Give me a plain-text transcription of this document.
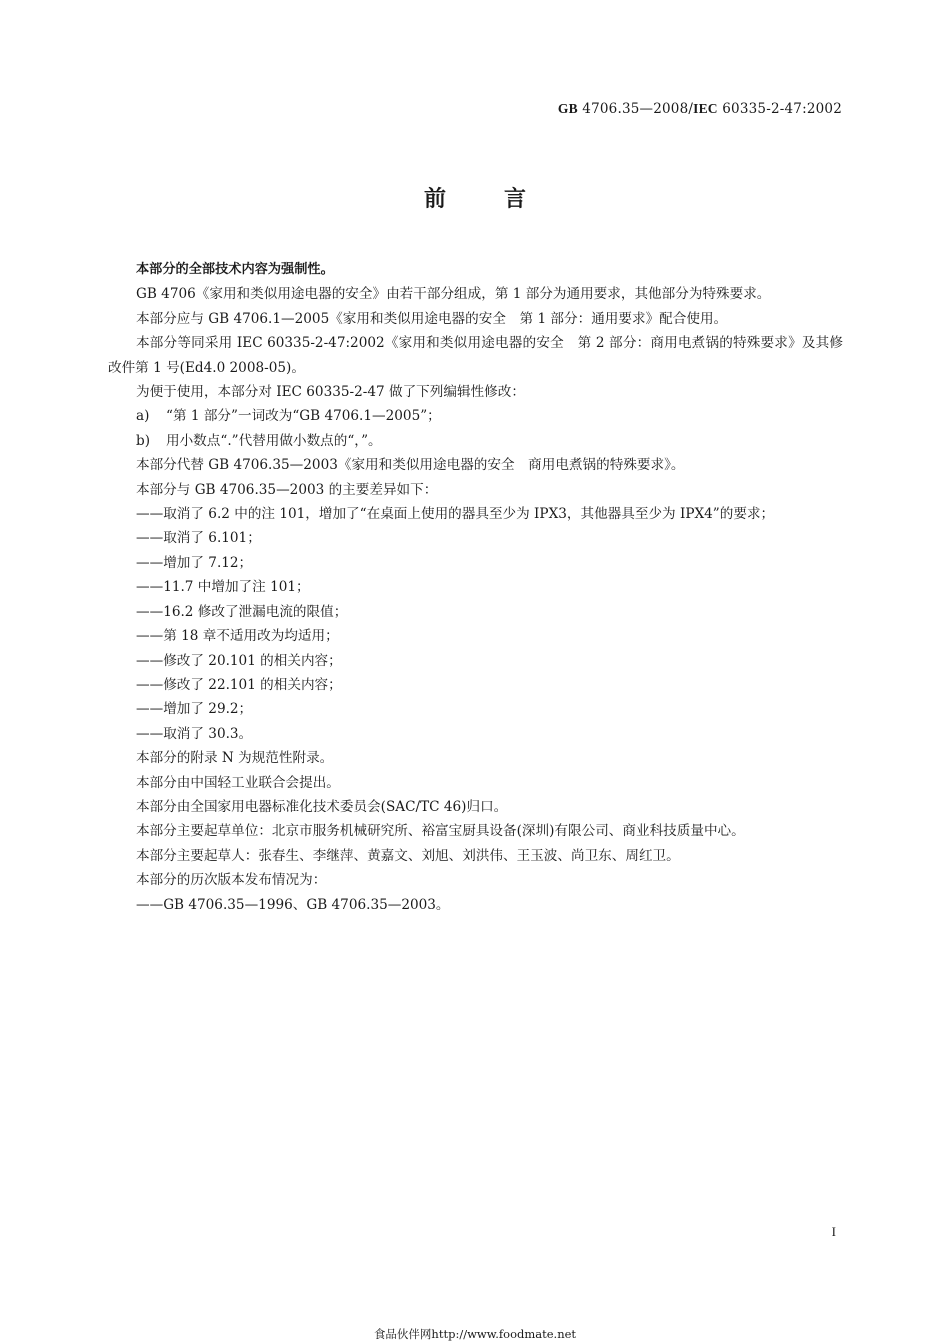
GB 4706.35—2008/IEC 60335-2-47:2002
前言

本部分的全部技术内容为强制性。

GB 4706《家用和类似用途电器的安全》由若干部分组成，第 1 部分为通用要求，其他部分为特殊要求。

本部分应与 GB 4706.1—2005《家用和类似用途电器的安全　第 1 部分：通用要求》配合使用。

本部分等同采用 IEC 60335-2-47:2002《家用和类似用途电器的安全　第 2 部分：商用电煮锅的特殊要求》及其修改件第 1 号(Ed4.0 2008-05)。

为便于使用，本部分对 IEC 60335-2-47 做了下列编辑性修改：

a) “第 1 部分”一词改为“GB 4706.1—2005”；

b) 用小数点“.”代替用做小数点的“，”。

本部分代替 GB 4706.35—2003《家用和类似用途电器的安全　商用电煮锅的特殊要求》。

本部分与 GB 4706.35—2003 的主要差异如下：

——取消了 6.2 中的注 101，增加了“在桌面上使用的器具至少为 IPX3，其他器具至少为 IPX4”的要求；

——取消了 6.101；

——增加了 7.12；

——11.7 中增加了注 101；

——16.2 修改了泄漏电流的限值；

——第 18 章不适用改为均适用；

——修改了 20.101 的相关内容；

——修改了 22.101 的相关内容；

——增加了 29.2；

——取消了 30.3。

本部分的附录 N 为规范性附录。

本部分由中国轻工业联合会提出。

本部分由全国家用电器标准化技术委员会(SAC/TC 46)归口。

本部分主要起草单位：北京市服务机械研究所、裕富宝厨具设备(深圳)有限公司、商业科技质量中心。

本部分主要起草人：张春生、李继萍、黄嘉文、刘旭、刘洪伟、王玉波、尚卫东、周红卫。

本部分的历次版本发布情况为：

——GB 4706.35—1996、GB 4706.35—2003。

I
食品伙伴网http://www.foodmate.net
